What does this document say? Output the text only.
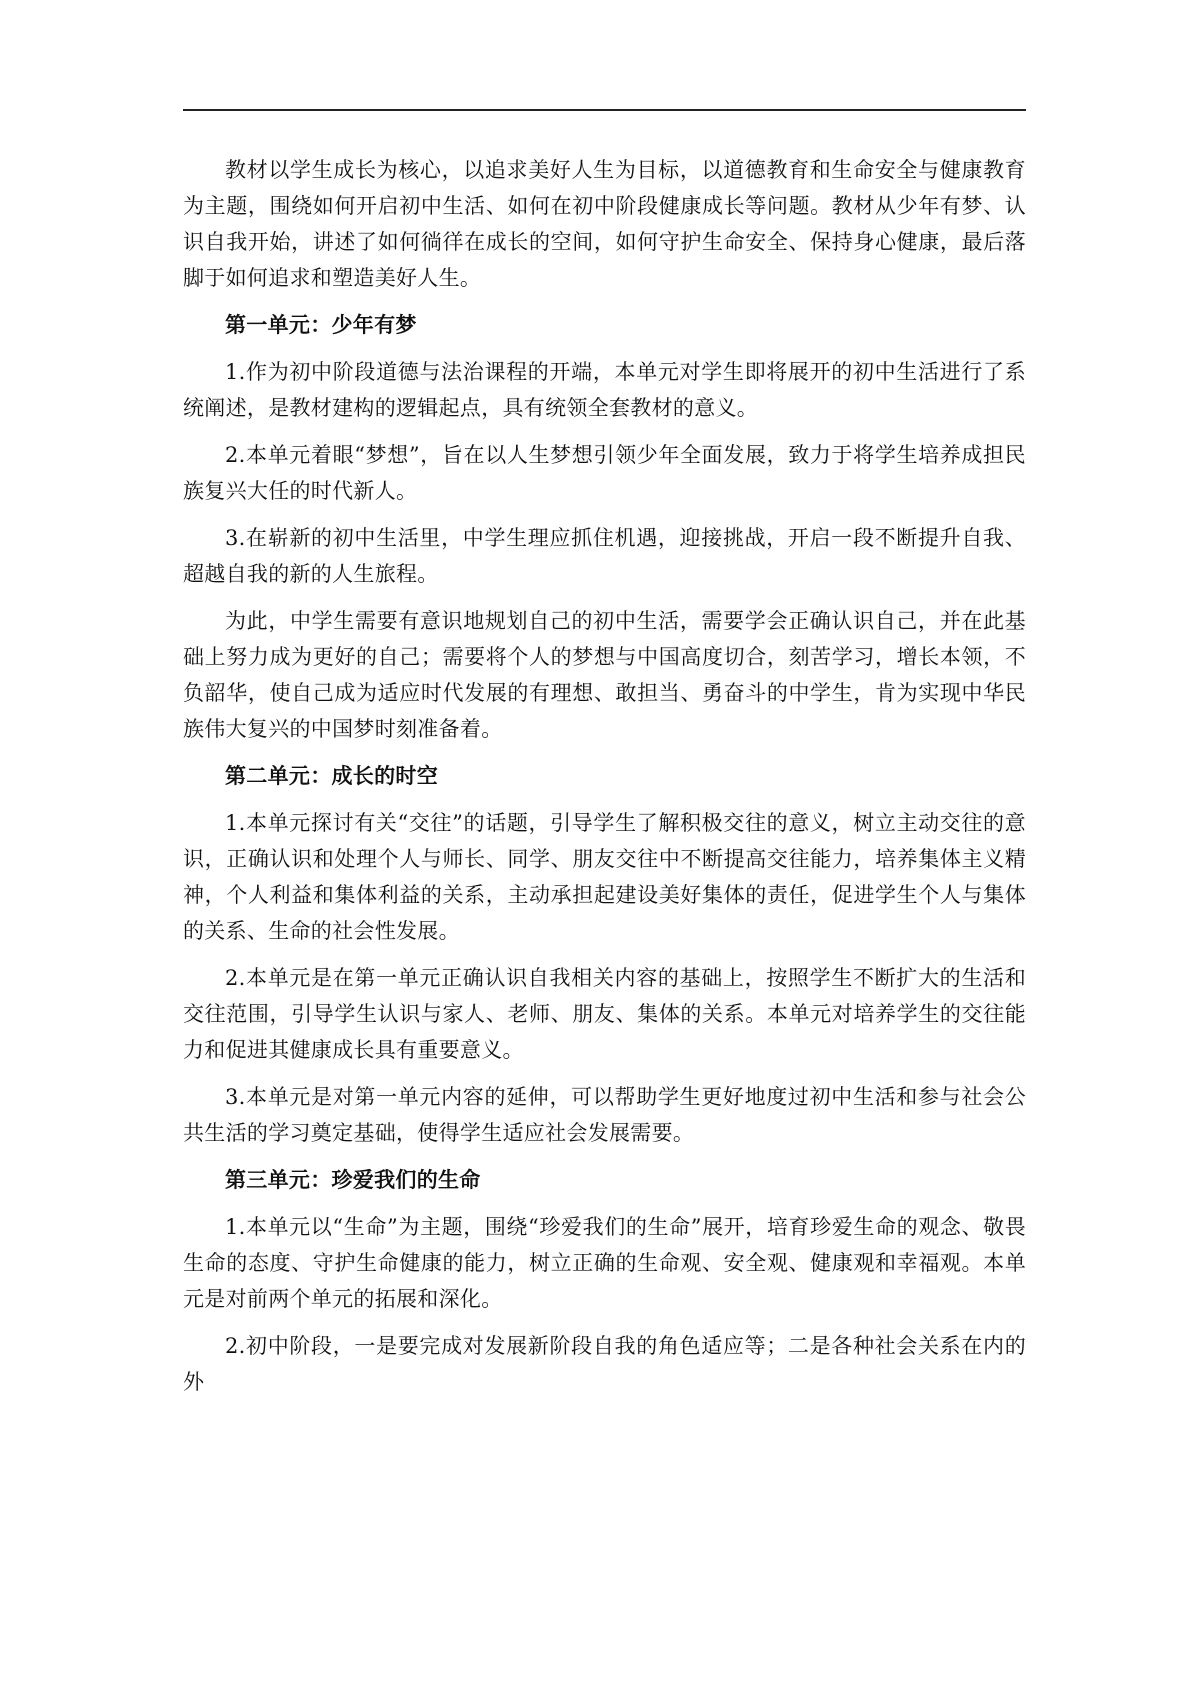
教材以学生成长为核心，以追求美好人生为目标，以道德教育和生命安全与健康教育为主题，围绕如何开启初中生活、如何在初中阶段健康成长等问题。教材从少年有梦、认识自我开始，讲述了如何徜徉在成长的空间，如何守护生命安全、保持身心健康，最后落脚于如何追求和塑造美好人生。

第一单元：少年有梦

1.作为初中阶段道德与法治课程的开端，本单元对学生即将展开的初中生活进行了系统阐述，是教材建构的逻辑起点，具有统领全套教材的意义。

2.本单元着眼“梦想”，旨在以人生梦想引领少年全面发展，致力于将学生培养成担民族复兴大任的时代新人。

3.在崭新的初中生活里，中学生理应抓住机遇，迎接挑战，开启一段不断提升自我、超越自我的新的人生旅程。

为此，中学生需要有意识地规划自己的初中生活，需要学会正确认识自己，并在此基础上努力成为更好的自己；需要将个人的梦想与中国高度切合，刻苦学习，增长本领，不负韶华，使自己成为适应时代发展的有理想、敢担当、勇奋斗的中学生，肯为实现中华民族伟大复兴的中国梦时刻准备着。

第二单元：成长的时空

1.本单元探讨有关“交往”的话题，引导学生了解积极交往的意义，树立主动交往的意识，正确认识和处理个人与师长、同学、朋友交往中不断提高交往能力，培养集体主义精神，个人利益和集体利益的关系，主动承担起建设美好集体的责任，促进学生个人与集体的关系、生命的社会性发展。

2.本单元是在第一单元正确认识自我相关内容的基础上，按照学生不断扩大的生活和交往范围，引导学生认识与家人、老师、朋友、集体的关系。本单元对培养学生的交往能力和促进其健康成长具有重要意义。

3.本单元是对第一单元内容的延伸，可以帮助学生更好地度过初中生活和参与社会公共生活的学习奠定基础，使得学生适应社会发展需要。

第三单元：珍爱我们的生命

1.本单元以“生命”为主题，围绕“珍爱我们的生命”展开，培育珍爱生命的观念、敬畏生命的态度、守护生命健康的能力，树立正确的生命观、安全观、健康观和幸福观。本单元是对前两个单元的拓展和深化。

2.初中阶段，一是要完成对发展新阶段自我的角色适应等；二是各种社会关系在内的外
